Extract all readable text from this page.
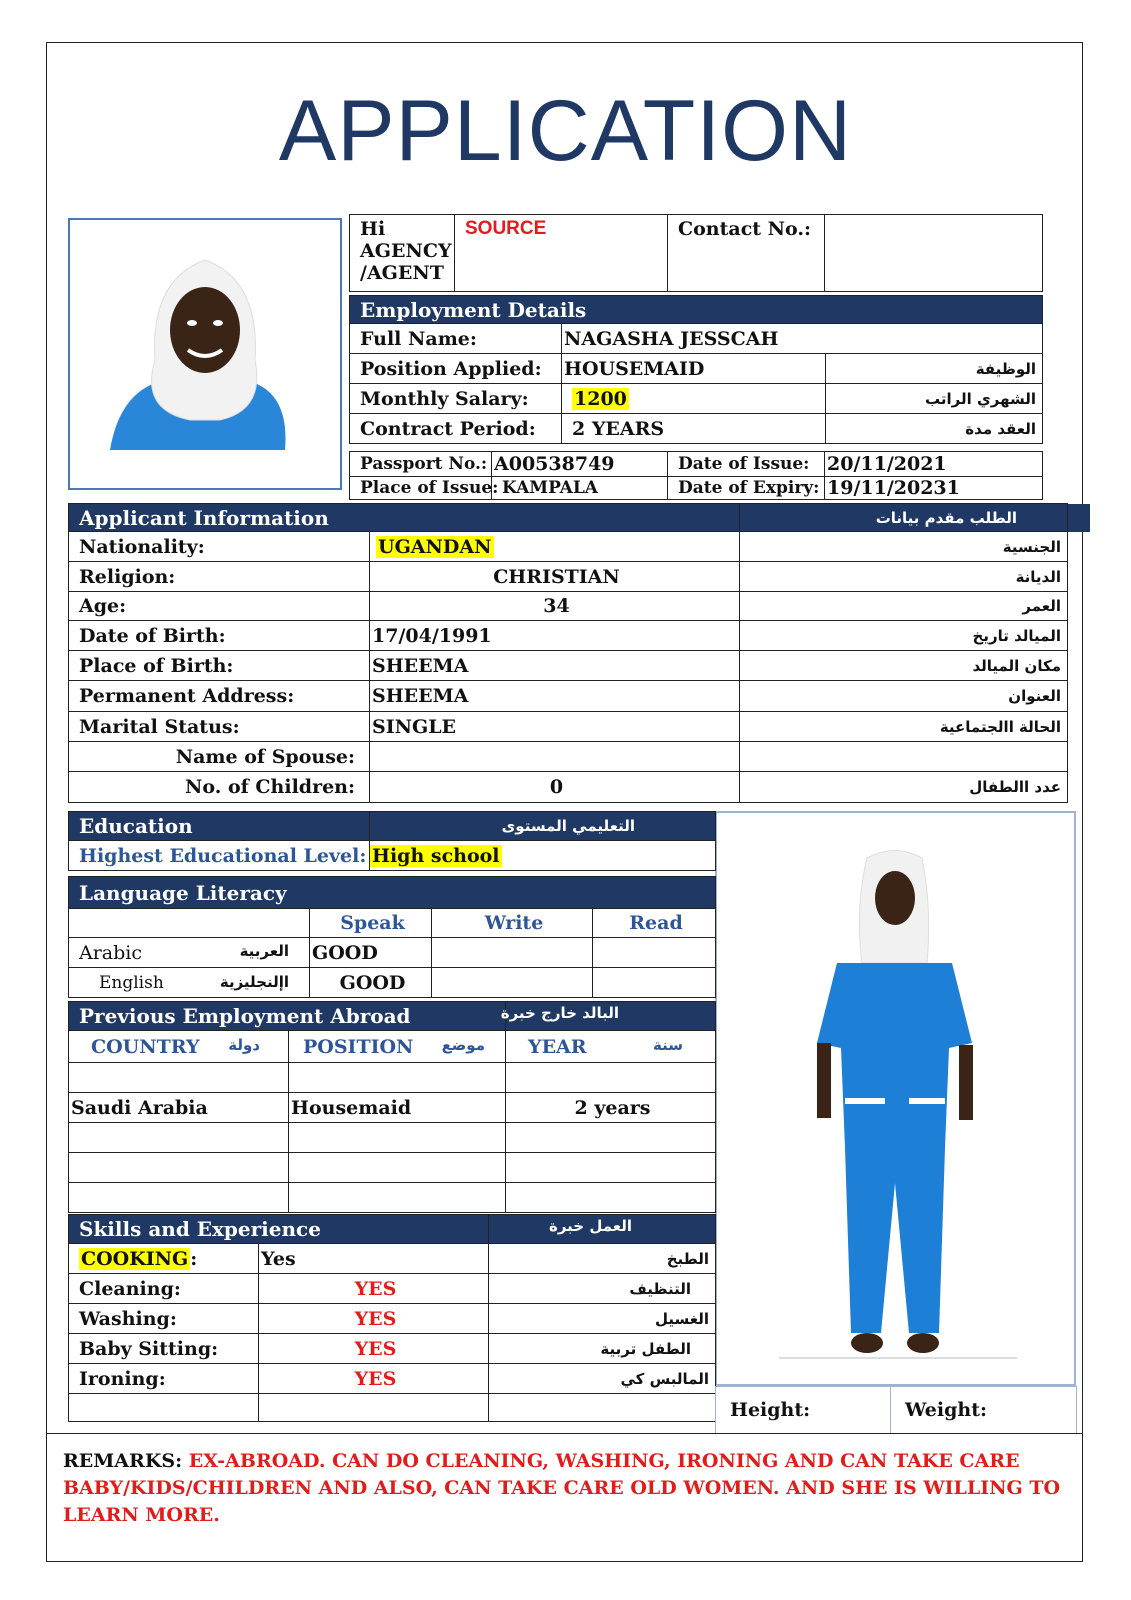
APPLICATION
Hi
AGENCY
/AGENT
	SOURCE	Contact No.:	
Employment Details		
Full Name:	NAGASHA JESSCAH	
Position Applied:	HOUSEMAID	الوظيفة
Monthly Salary:	1200	الشهري الراتب
Contract Period:	2 YEARS	العقد مدة
Passport No.:	A00538749	Date of Issue:	20/11/2021
Place of Issue:	KAMPALA	Date of Expiry:	19/11/20231
Applicant Information		الطلب مقدم بيانات	
Nationality:	UGANDAN	الجنسية	
Religion:	CHRISTIAN	الديانة	
Age:	34	العمر	
Date of Birth:	17/04/1991	الميالد تاريخ	
Place of Birth:	SHEEMA	مكان الميالد	
Permanent Address:	SHEEMA	العنوان	
Marital Status:	SINGLE	الحالة االجتماعية	
Name of Spouse:			
No. of Children:	0	عدد االطفال	
Education	التعليمي المستوى
Highest Educational Level:	High school
Language Literacy			
	Speak	Write	Read
Arabic العربية	GOOD		
English اإلنجليزية	GOOD		
Previous Employment Abroad البالد خارج خبرة		

COUNTRY دولة	POSITION موضع	YEAR سنة

Saudi Arabia	Housemaid	2 years

Skills and Experience العمل خبرة		

COOKING :	Yes	الطبخ
Cleaning:	YES	التنظيف
Washing:	YES	الغسيل
Baby Sitting:	YES	الطفل تربية
Ironing:	YES	المالبس كي

Height:	Weight:
REMARKS: EX-ABROAD. CAN DO CLEANING, WASHING, IRONING AND CAN TAKE CARE BABY/KIDS/CHILDREN AND ALSO, CAN TAKE CARE OLD WOMEN. AND SHE IS WILLING TO LEARN MORE.
